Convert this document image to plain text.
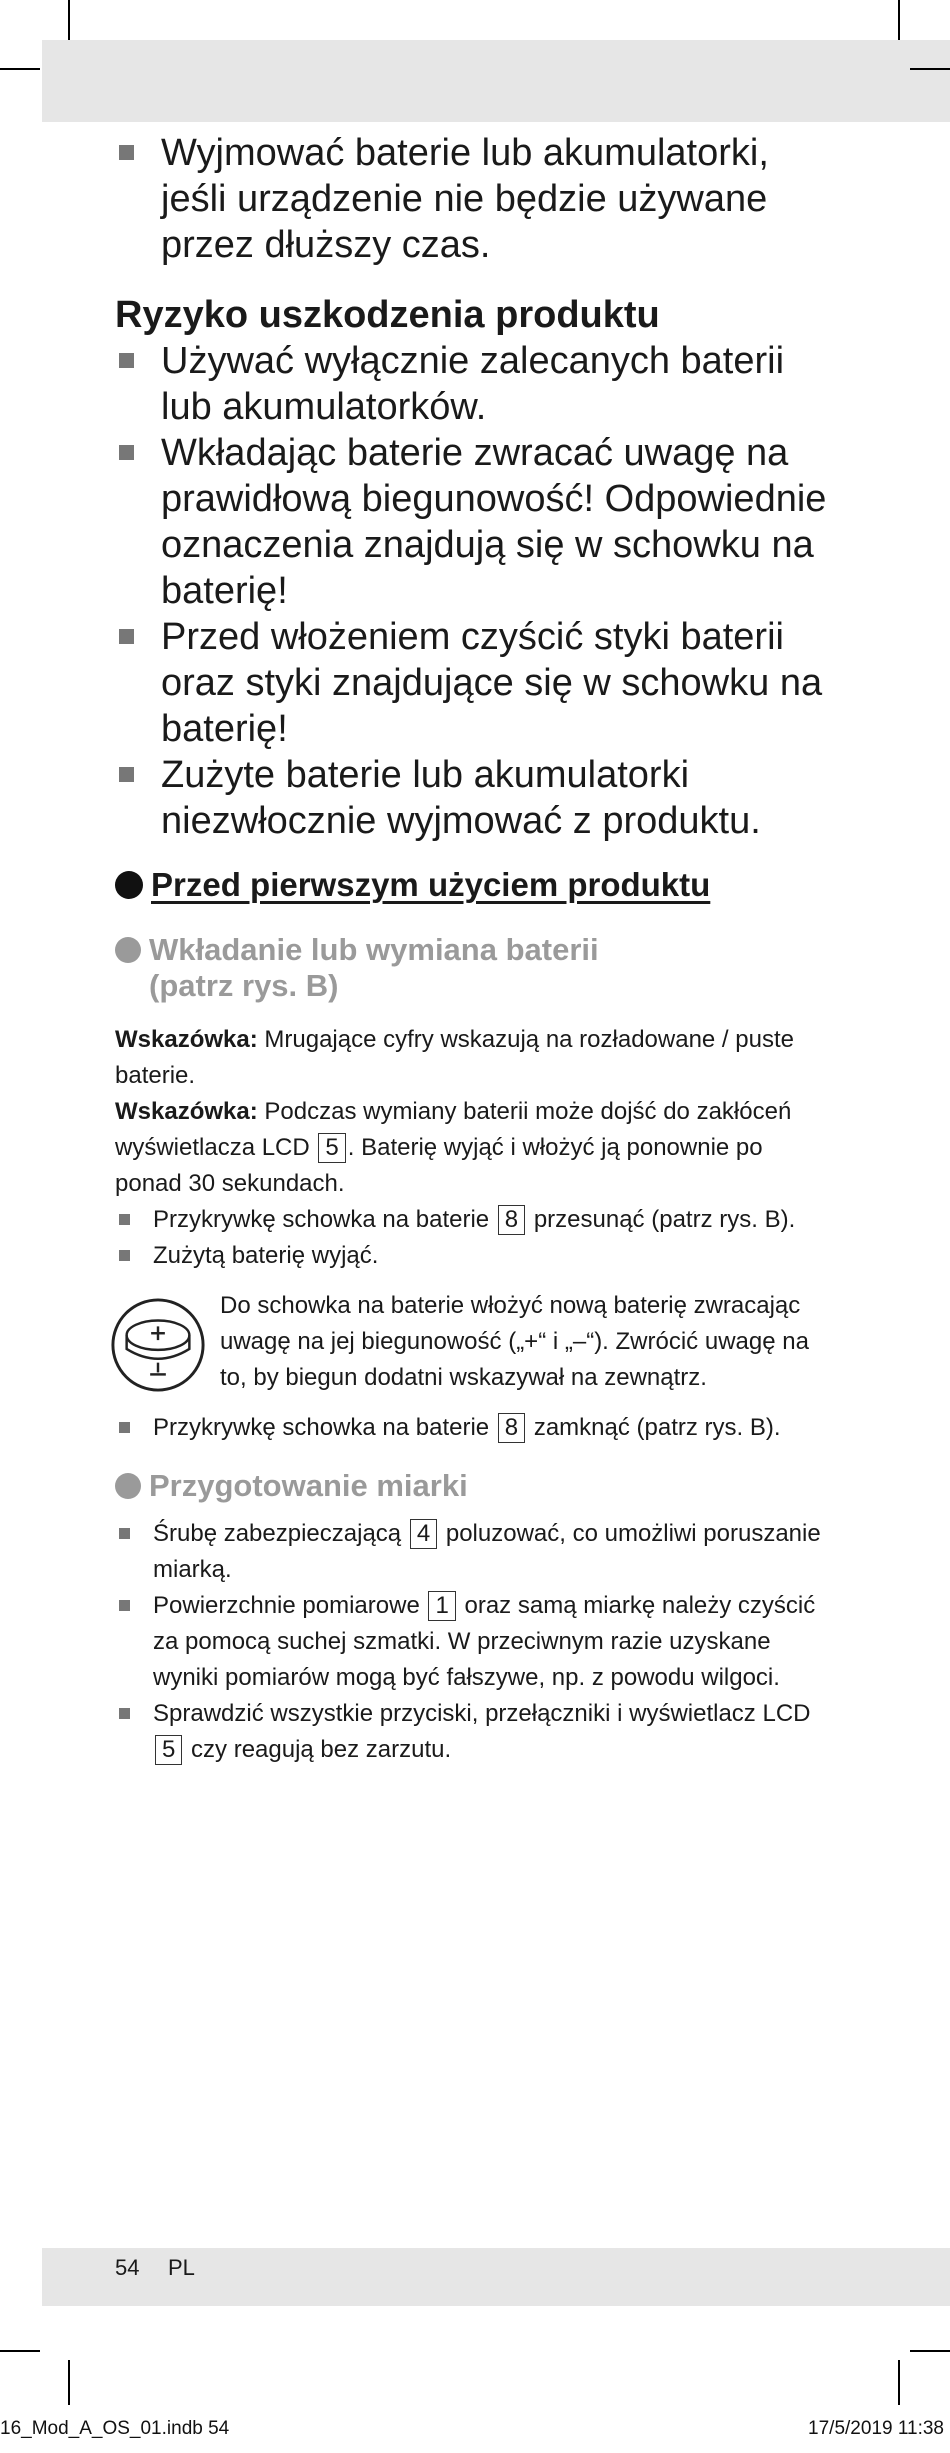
Wyjmować baterie lub akumulatorki, jeśli urządzenie nie będzie używane przez dłuższy czas.
Ryzyko uszkodzenia produktu
Używać wyłącznie zalecanych baterii lub akumulatorków.
Wkładając baterie zwracać uwagę na prawidłową biegunowość! Odpowiednie oznaczenia znajdują się w schowku na baterię!
Przed włożeniem czyścić styki baterii oraz styki znajdujące się w schowku na baterię!
Zużyte baterie lub akumulatorki niezwłocznie wyjmować z produktu.
Przed pierwszym użyciem produktu
Wkładanie lub wymiana baterii
(patrz rys. B)
Wskazówka: Mrugające cyfry wskazują na rozładowane / puste baterie.
Wskazówka: Podczas wymiany baterii może dojść do zakłóceń wyświetlacza LCD 5 . Baterię wyjąć i włożyć ją ponownie po ponad 30 sekundach.
Przykrywkę schowka na baterie 8 przesunąć (patrz rys. B).
Zużytą baterię wyjąć.
Do schowka na baterie włożyć nową baterię zwracając uwagę na jej biegunowość („+“ i „–“). Zwrócić uwagę na to, by biegun dodatni wskazywał na zewnątrz.
Przykrywkę schowka na baterie 8 zamknąć (patrz rys. B).
Przygotowanie miarki
Śrubę zabezpieczającą 4 poluzować, co umożliwi poruszanie miarką.
Powierzchnie pomiarowe 1 oraz samą miarkę należy czyścić za pomocą suchej szmatki. W przeciwnym razie uzyskane wyniki pomiarów mogą być fałszywe, np. z powodu wilgoci.
Sprawdzić wszystkie przyciski, przełączniki i wyświetlacz LCD 5 czy reagują bez zarzutu.
54 PL
16_Mod_A_OS_01.indb 54	17/5/2019 11:38
